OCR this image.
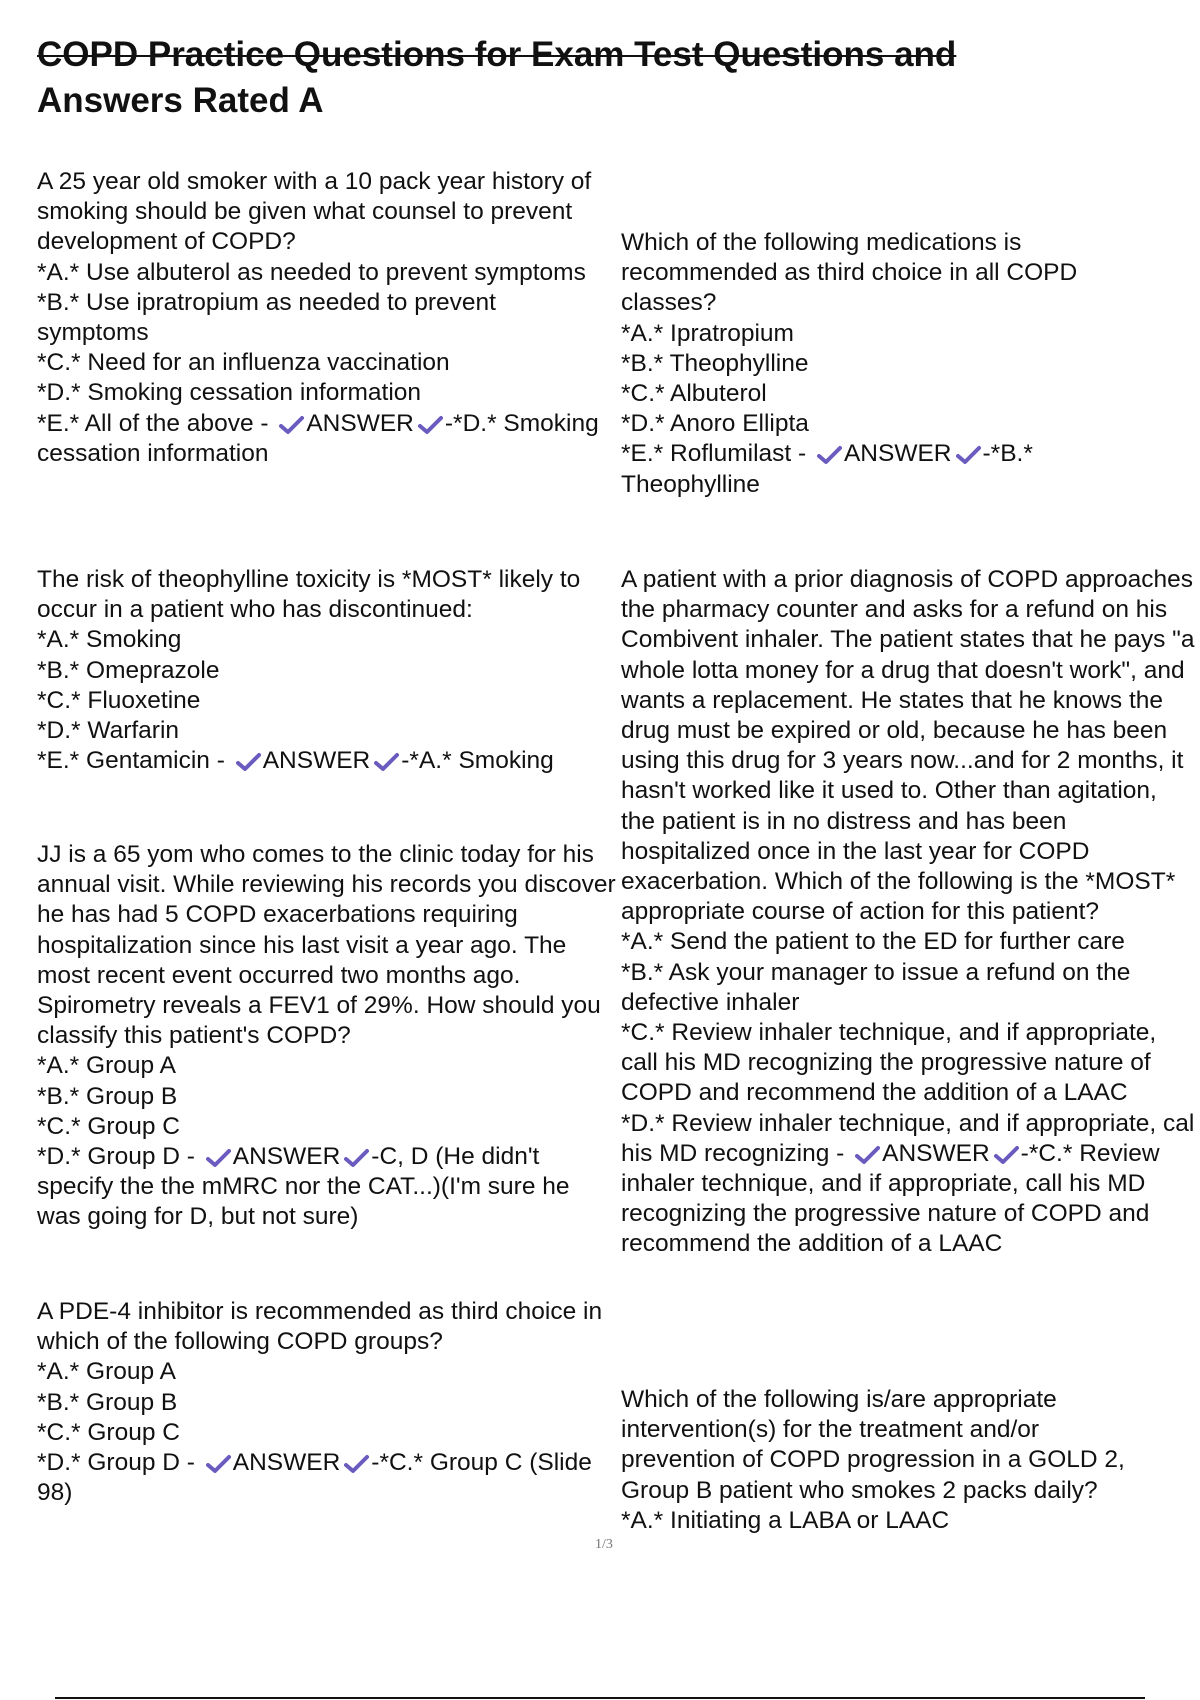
COPD Practice Questions for Exam Test Questions and
Answers Rated A

A 25 year old smoker with a 10 pack year history of smoking should be given what counsel to prevent development of COPD?

*A.* Use albuterol as needed to prevent symptoms

*B.* Use ipratropium as needed to prevent symptoms

*C.* Need for an influenza vaccination

*D.* Smoking cessation information

*E.* All of the above -
ANSWER -*D.* Smoking cessation information

The risk of theophylline toxicity is *MOST* likely to occur in a patient who has discontinued:

*A.* Smoking

*B.* Omeprazole

*C.* Fluoxetine

*D.* Warfarin

*E.* Gentamicin -
ANSWER -*A.* Smoking

JJ is a 65 yom who comes to the clinic today for his annual visit. While reviewing his records you discover he has had 5 COPD exacerbations requiring hospitalization since his last visit a year ago. The most recent event occurred two months ago. Spirometry reveals a FEV1 of 29%. How should you classify this patient's COPD?

*A.* Group A

*B.* Group B

*C.* Group C

*D.* Group D -
ANSWER -C, D (He didn't specify the the mMRC nor the CAT...)(I'm sure he was going for D, but not sure)

A PDE-4 inhibitor is recommended as third choice in which of the following COPD groups?

*A.* Group A

*B.* Group B

*C.* Group C

*D.* Group D -
ANSWER -*C.* Group C (Slide 98)

Which of the following medications is recommended as third choice in all COPD classes?

*A.* Ipratropium

*B.* Theophylline

*C.* Albuterol

*D.* Anoro Ellipta

*E.* Roflumilast -
ANSWER -*B.* Theophylline

A patient with a prior diagnosis of COPD approaches the pharmacy counter and asks for a refund on his Combivent inhaler. The patient states that he pays "a whole lotta money for a drug that doesn't work", and wants a replacement. He states that he knows the drug must be expired or old, because he has been using this drug for 3 years now...and for 2 months, it hasn't worked like it used to. Other than agitation, the patient is in no distress and has been hospitalized once in the last year for COPD exacerbation. Which of the following is the *MOST* appropriate course of action for this patient?

*A.* Send the patient to the ED for further care

*B.* Ask your manager to issue a refund on the defective inhaler

*C.* Review inhaler technique, and if appropriate, call his MD recognizing the progressive nature of COPD and recommend the addition of a LAAC

*D.* Review inhaler technique, and if appropriate, cal his MD recognizing -
ANSWER -*C.* Review inhaler technique, and if appropriate, call his MD recognizing the progressive nature of COPD and recommend the addition of a LAAC

Which of the following is/are appropriate intervention(s) for the treatment and/or prevention of COPD progression in a GOLD 2, Group B patient who smokes 2 packs daily?

*A.* Initiating a LABA or LAAC

1/3
